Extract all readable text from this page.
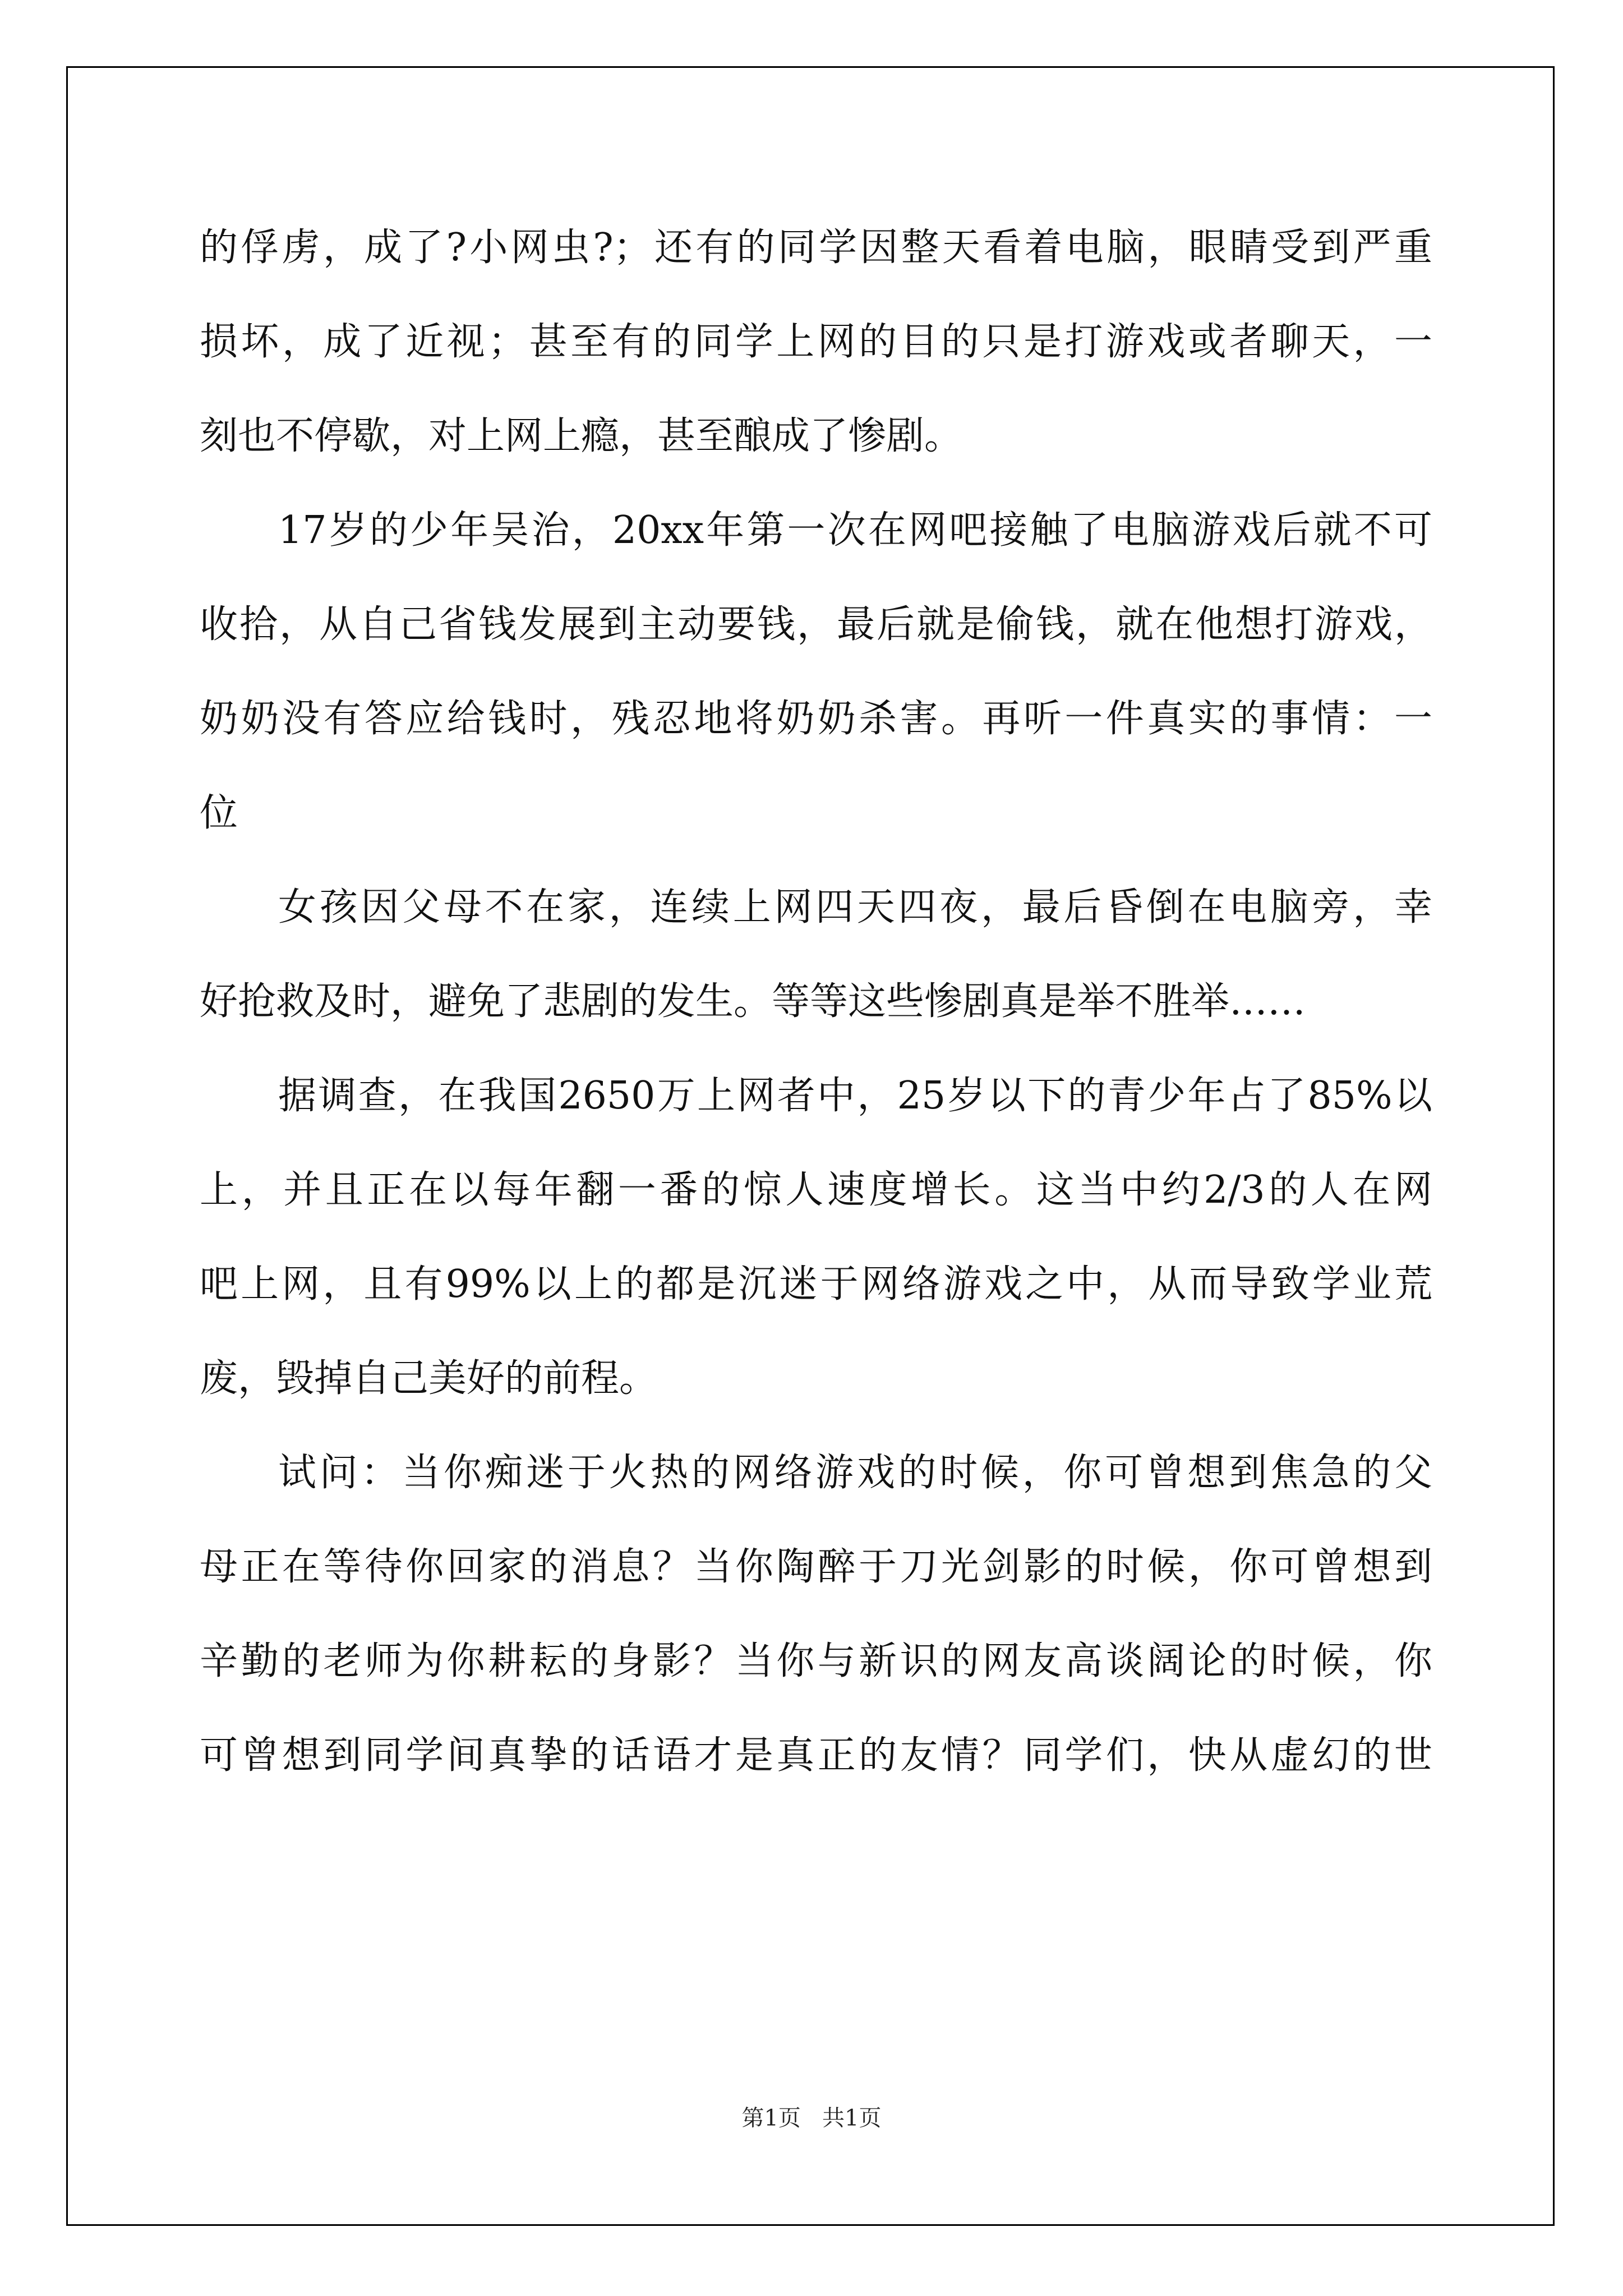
的俘虏，成了?小网虫?；还有的同学因整天看着电脑，眼睛受到严重

损坏，成了近视；甚至有的同学上网的目的只是打游戏或者聊天，一

刻也不停歇，对上网上瘾，甚至酿成了惨剧。

17岁的少年吴治，20xx年第一次在网吧接触了电脑游戏后就不可

收拾，从自己省钱发展到主动要钱，最后就是偷钱，就在他想打游戏，

奶奶没有答应给钱时，残忍地将奶奶杀害。再听一件真实的事情：一

位

女孩因父母不在家，连续上网四天四夜，最后昏倒在电脑旁，幸

好抢救及时，避免了悲剧的发生。等等这些惨剧真是举不胜举……

据调查，在我国2650万上网者中，25岁以下的青少年占了85%以

上，并且正在以每年翻一番的惊人速度增长。这当中约2/3的人在网

吧上网，且有99%以上的都是沉迷于网络游戏之中，从而导致学业荒

废，毁掉自己美好的前程。

试问：当你痴迷于火热的网络游戏的时候，你可曾想到焦急的父

母正在等待你回家的消息？当你陶醉于刀光剑影的时候，你可曾想到

辛勤的老师为你耕耘的身影？当你与新识的网友高谈阔论的时候，你

可曾想到同学间真挚的话语才是真正的友情？同学们，快从虚幻的世

第1页   共1页
